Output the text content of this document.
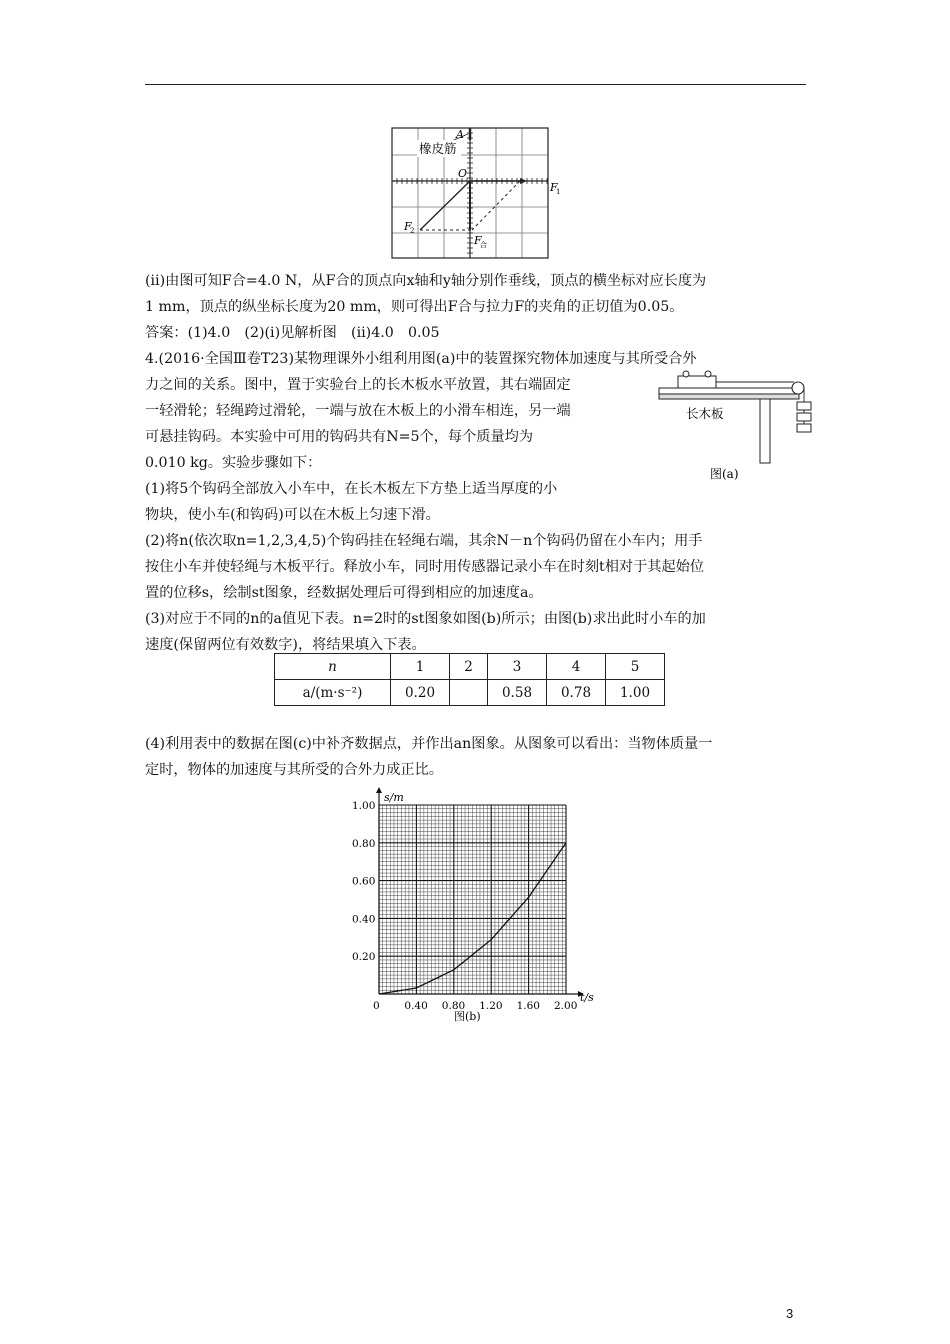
橡皮筋
A
O
F
1
F
2
F
合
(ⅱ)由图可知F合=4.0 N，从F合的顶点向x轴和y轴分别作垂线，顶点的横坐标对应长度为
1 mm，顶点的纵坐标长度为20 mm，则可得出F合与拉力F的夹角的正切值为0.05。
答案：(1)4.0　(2)(ⅰ)见解析图　(ⅱ)4.0　0.05
4.(2016·全国Ⅲ卷T23)某物理课外小组利用图(a)中的装置探究物体加速度与其所受合外
力之间的关系。图中，置于实验台上的长木板水平放置，其右端固定
一轻滑轮；轻绳跨过滑轮，一端与放在木板上的小滑车相连，另一端
可悬挂钩码。本实验中可用的钩码共有N=5个，每个质量均为
0.010 kg。实验步骤如下：
(1)将5个钩码全部放入小车中，在长木板左下方垫上适当厚度的小
物块，使小车(和钩码)可以在木板上匀速下滑。
(2)将n(依次取n=1,2,3,4,5)个钩码挂在轻绳右端，其余N－n个钩码仍留在小车内；用手
按住小车并使轻绳与木板平行。释放小车，同时用传感器记录小车在时刻t相对于其起始位
置的位移s，绘制st图象，经数据处理后可得到相应的加速度a。
(3)对应于不同的n的a值见下表。n=2时的st图象如图(b)所示；由图(b)求出此时小车的加
速度(保留两位有效数字)，将结果填入下表。
长木板
图(a)
n	1	2	3	4	5
a/(m·s⁻²)	0.20		0.58	0.78	1.00
(4)利用表中的数据在图(c)中补齐数据点，并作出an图象。从图象可以看出：当物体质量一
定时，物体的加速度与其所受的合外力成正比。
0 0.40 0.80 1.20 1.60 2.00
0.20
0.40
0.60
0.80
1.00
s/m
t/s
图(b)
3
